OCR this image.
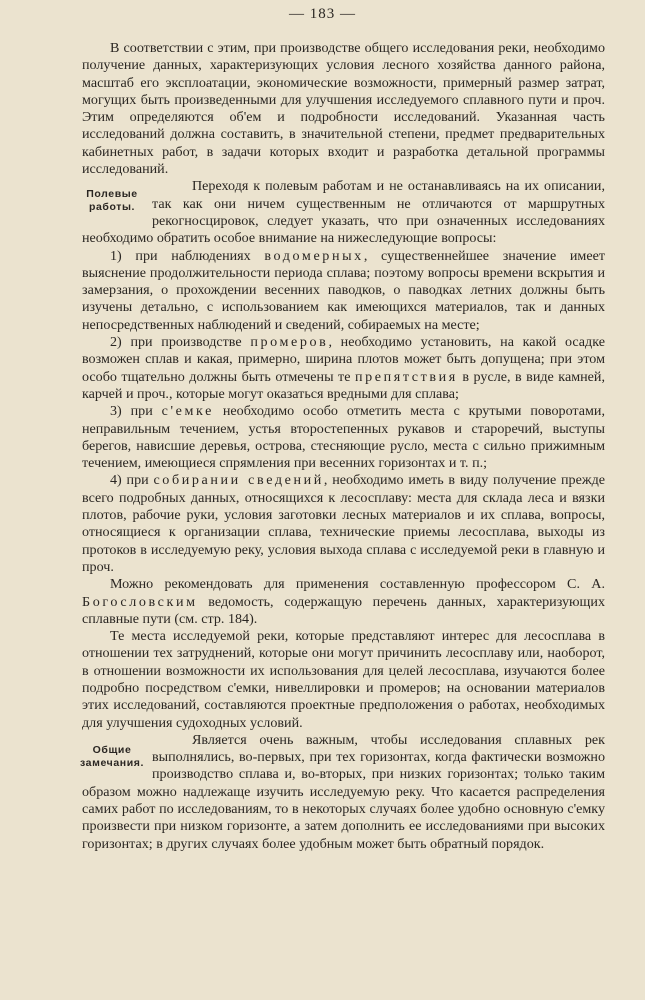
— 183 —

В соответствии с этим, при производстве общего исследования реки, необходимо получение данных, характеризующих условия лесного хозяйства данного района, масштаб его эксплоатации, экономические возможности, примерный размер затрат, могущих быть произведенными для улучшения исследуемого сплавного пути и проч. Этим определяются об'ем и подробности исследований. Указанная часть исследований должна составить, в значительной степени, предмет предварительных кабинетных работ, в задачи которых входит и разработка детальной программы исследований.

Полевые работы.

Переходя к полевым работам и не останавливаясь на их описании, так как они ничем существенным не отличаются от маршрутных рекогносцировок, следует указать, что при означенных исследованиях необходимо обратить особое внимание на нижеследующие вопросы:

1) при наблюдениях водомерных, существеннейшее значение имеет выяснение продолжительности периода сплава; поэтому вопросы времени вскрытия и замерзания, о прохождении весенних паводков, о паводках летних должны быть изучены детально, с использованием как имеющихся материалов, так и данных непосредственных наблюдений и сведений, собираемых на месте;

2) при производстве промеров, необходимо установить, на какой осадке возможен сплав и какая, примерно, ширина плотов может быть допущена; при этом особо тщательно должны быть отмечены те препятствия в русле, в виде камней, карчей и проч., которые могут оказаться вредными для сплава;

3) при с'емке необходимо особо отметить места с крутыми поворотами, неправильным течением, устья второстепенных рукавов и староречий, выступы берегов, нависшие деревья, острова, стесняющие русло, места с сильно прижимным течением, имеющиеся спрямления при весенних горизонтах и т. п.;

4) при собирании сведений, необходимо иметь в виду получение прежде всего подробных данных, относящихся к лесосплаву: места для склада леса и вязки плотов, рабочие руки, условия заготовки лесных материалов и их сплава, вопросы, относящиеся к организации сплава, технические приемы лесосплава, выходы из протоков в исследуемую реку, условия выхода сплава с исследуемой реки в главную и проч.

Можно рекомендовать для применения составленную профессором С. А. Богословским ведомость, содержащую перечень данных, характеризующих сплавные пути (см. стр. 184).

Те места исследуемой реки, которые представляют интерес для лесосплава в отношении тех затруднений, которые они могут причинить лесосплаву или, наоборот, в отношении возможности их использования для целей лесосплава, изучаются более подробно посредством с'емки, нивеллировки и промеров; на основании материалов этих исследований, составляются проектные предположения о работах, необходимых для улучшения судоходных условий.

Общие замечания.

Является очень важным, чтобы исследования сплавных рек выполнялись, во-первых, при тех горизонтах, когда фактически возможно производство сплава и, во-вторых, при низких горизонтах; только таким образом можно надлежаще изучить исследуемую реку. Что касается распределения самих работ по исследованиям, то в некоторых случаях более удобно основную с'емку произвести при низком горизонте, а затем дополнить ее исследованиями при высоких горизонтах; в других случаях более удобным может быть обратный порядок.
